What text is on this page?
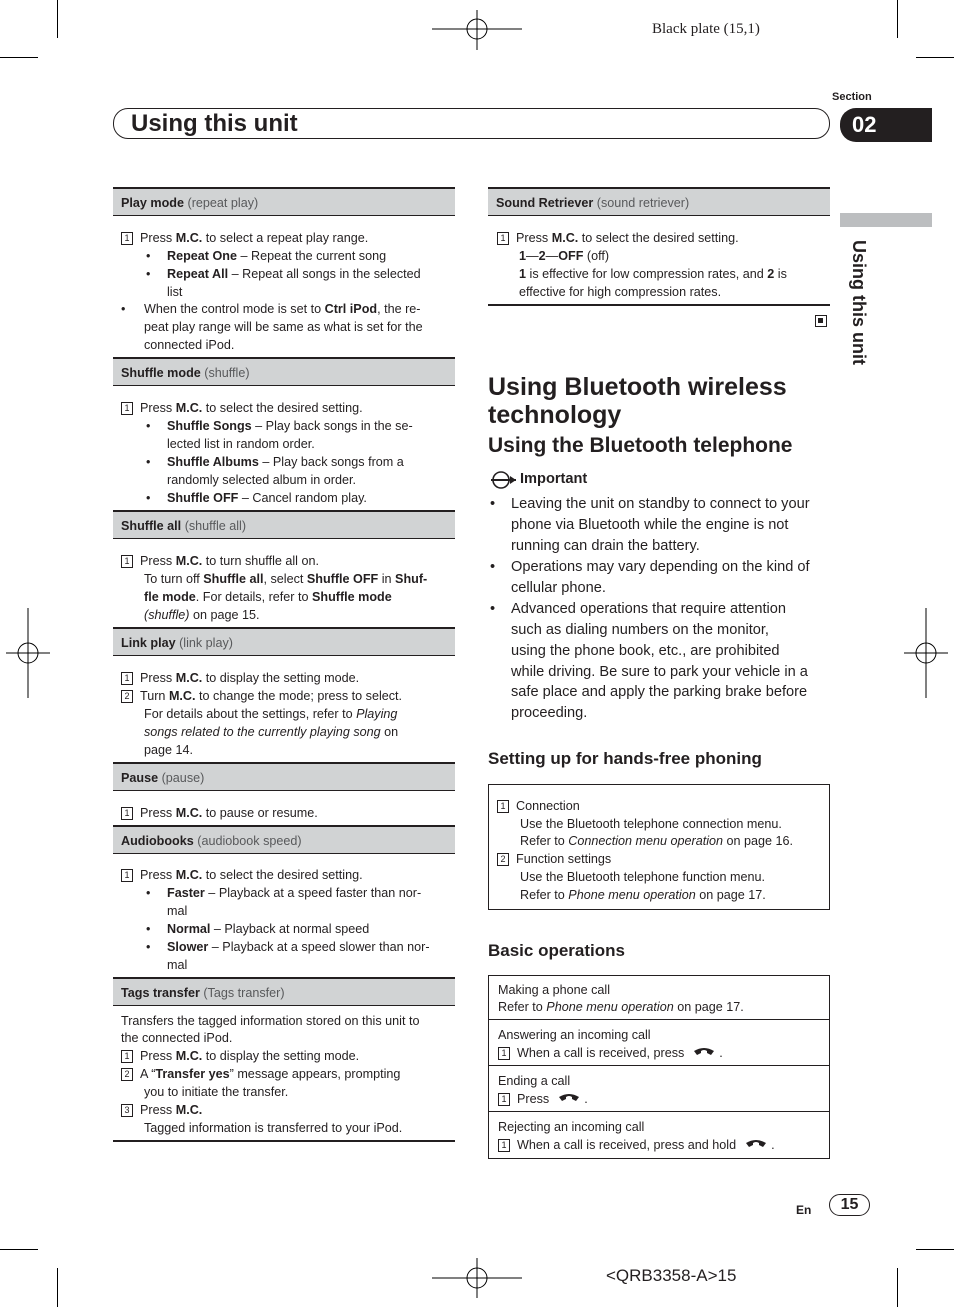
Black plate (15,1)
<QRB3358-A>15
Section
02
Using this unit
Using this unit
Play mode (repeat play)
1 Press M.C. to select a repeat play range.
• Repeat One – Repeat the current song
• Repeat All – Repeat all songs in the selected
list
• When the control mode is set to Ctrl iPod, the re-
peat play range will be same as what is set for the
connected iPod.
Shuffle mode (shuffle)
1 Press M.C. to select the desired setting.
• Shuffle Songs – Play back songs in the se-
lected list in random order.
• Shuffle Albums – Play back songs from a
randomly selected album in order.
• Shuffle OFF – Cancel random play.
Shuffle all (shuffle all)
1 Press M.C. to turn shuffle all on.
To turn off Shuffle all, select Shuffle OFF in Shuf-
fle mode. For details, refer to Shuffle mode
(shuffle) on page 15.
Link play (link play)
1 Press M.C. to display the setting mode.
2 Turn M.C. to change the mode; press to select.
For details about the settings, refer to Playing
songs related to the currently playing song on
page 14.
Pause (pause)
1 Press M.C. to pause or resume.
Audiobooks (audiobook speed)
1 Press M.C. to select the desired setting.
• Faster – Playback at a speed faster than nor-
mal
• Normal – Playback at normal speed
• Slower – Playback at a speed slower than nor-
mal
Tags transfer (Tags transfer)
Transfers the tagged information stored on this unit to
the connected iPod.
1 Press M.C. to display the setting mode.
2 A “Transfer yes” message appears, prompting
you to initiate the transfer.
3 Press M.C.
Tagged information is transferred to your iPod.
Sound Retriever (sound retriever)
1 Press M.C. to select the desired setting.
1—2—OFF (off)
1 is effective for low compression rates, and 2 is
effective for high compression rates.
Using Bluetooth wireless
technology
Using the Bluetooth telephone
Important
• Leaving the unit on standby to connect to your
phone via Bluetooth while the engine is not
running can drain the battery.
• Operations may vary depending on the kind of
cellular phone.
• Advanced operations that require attention
such as dialing numbers on the monitor,
using the phone book, etc., are prohibited
while driving. Be sure to park your vehicle in a
safe place and apply the parking brake before
proceeding.
Setting up for hands-free phoning
1 Connection
Use the Bluetooth telephone connection menu.
Refer to Connection menu operation on page 16.
2 Function settings
Use the Bluetooth telephone function menu.
Refer to Phone menu operation on page 17.
Basic operations
Making a phone call
Refer to Phone menu operation on page 17.
Answering an incoming call
1 When a call is received, press	.
Ending a call
1 Press	.
Rejecting an incoming call
1 When a call is received, press and hold	.
En	15
